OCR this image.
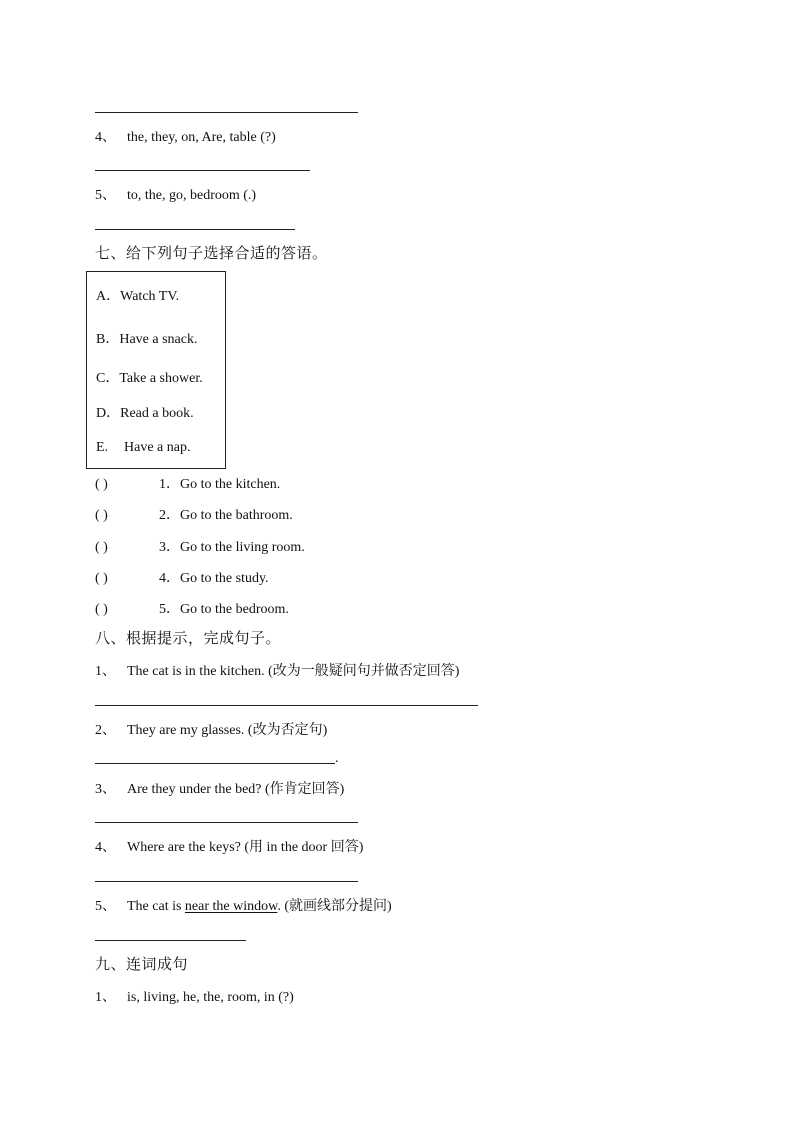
4、 the, they, on, Are, table (?)
5、 to, the, go, bedroom (.)
七、给下列句子选择合适的答语。
A．Watch TV.
B．Have a snack.
C．Take a shower.
D．Read a book.
E. Have a nap.
( )	1．Go to the kitchen.
( )	2．Go to the bathroom.
( )	3．Go to the living room.
( )	4．Go to the study.
( )	5．Go to the bedroom.
八、根据提示，完成句子。
1、 The cat is in the kitchen. (改为一般疑问句并做否定回答)
2、 They are my glasses. (改为否定句)
.
3、 Are they under the bed? (作肯定回答)
4、 Where are the keys? (用 in the door 回答)
5、 The cat is near the window. (就画线部分提问)
九、连词成句
1、 is, living, he, the, room, in (?)
